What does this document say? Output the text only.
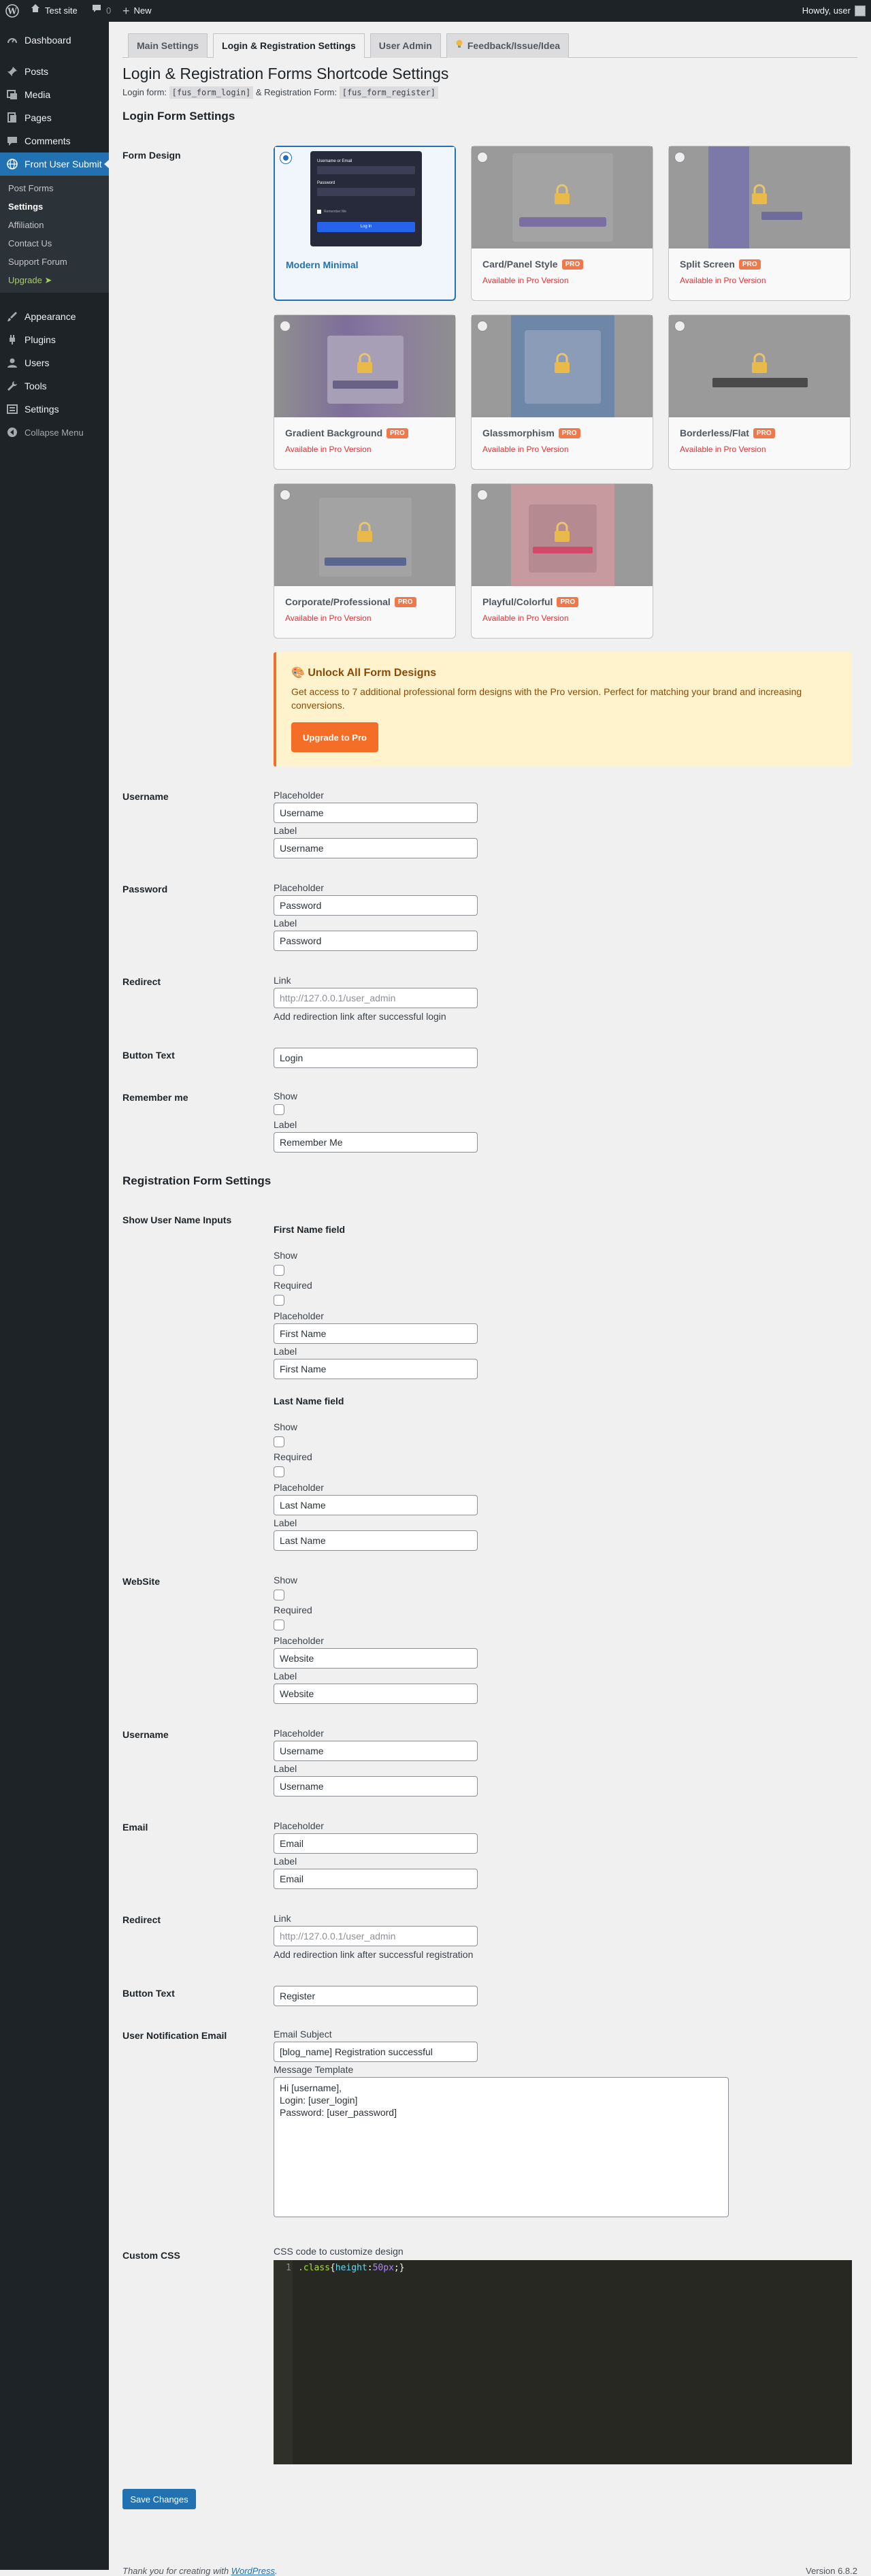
W	Test site	0 + New	Howdy, user
Dashboard
Posts
Media
Pages
Comments
Front User Submit
Post Forms
Settings
Affiliation
Contact Us
Support Forum
Upgrade ➤
Appearance
Plugins
Users
Tools
Settings
Collapse Menu
Main Settings	Login & Registration Settings	User Admin	Feedback/Issue/Idea
Login & Registration Forms Shortcode Settings
Login form: [fus_form_login] & Registration Form: [fus_form_register]
Login Form Settings
Form Design
Username or Email
Password
Remember Me
Log In
Modern Minimal	Card/Panel Style	PRO
Available in Pro Version
Split Screen	PRO
Available in Pro Version
Gradient Background	PRO
Available in Pro Version
Glassmorphism	PRO
Available in Pro Version
Borderless/Flat	PRO
Available in Pro Version
Corporate/Professional	PRO
Available in Pro Version
Playful/Colorful	PRO
Available in Pro Version
🎨 Unlock All Form Designs
Get access to 7 additional professional form designs with the Pro version. Perfect for matching your brand and increasing conversions.
Upgrade to Pro
Username	Placeholder
Username
Label
Username
Password	Placeholder
Password
Label
Password
Redirect	Link
http://127.0.0.1/user_admin
Add redirection link after successful login
Button Text	Login
Remember me	Show
Label
Remember Me
Registration Form Settings
Show User Name Inputs
First Name field
Show
Required
Placeholder
First Name
Label
First Name
Last Name field
Show
Required
Placeholder
Last Name
Label
Last Name
WebSite	Show
Required
Placeholder
Website
Label
Website
Username	Placeholder
Username
Label
Username
Email	Placeholder
Email
Label
Email
Redirect	Link
http://127.0.0.1/user_admin
Add redirection link after successful registration
Button Text	Register
User Notification Email	Email Subject
[blog_name] Registration successful
Message Template
Hi [username], Login: [user_login] Password: [user_password]
Custom CSS	CSS code to customize design
1 .class{height:50px;}
Save Changes
Thank you for creating with WordPress.	Version 6.8.2
